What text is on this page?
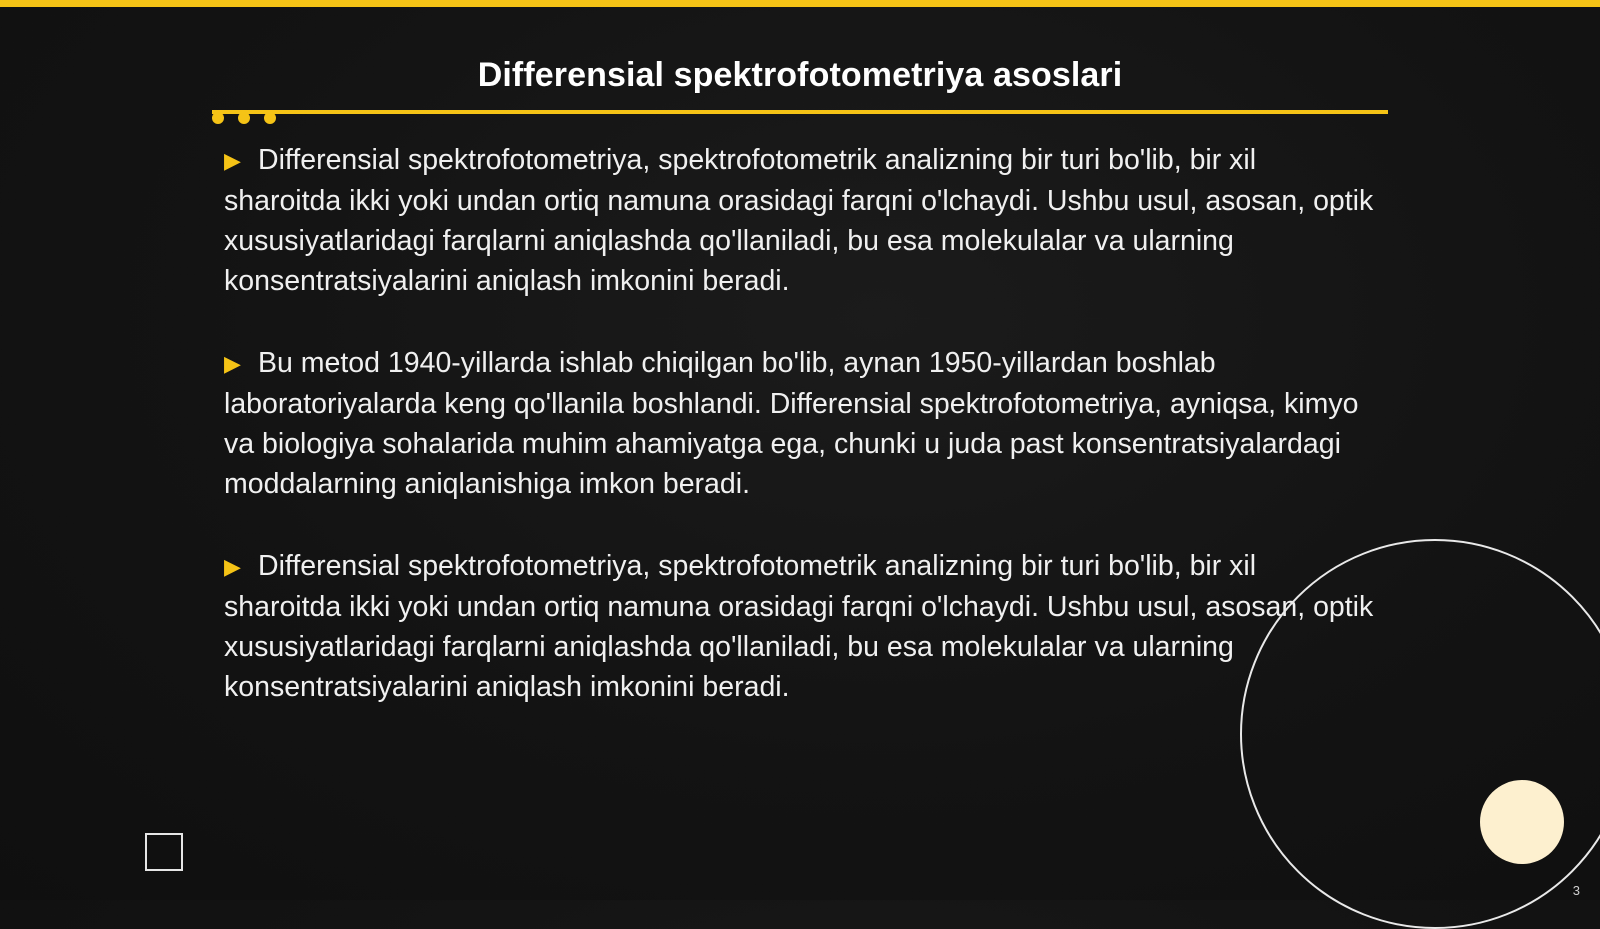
Differensial spektrofotometriya asoslari

▶ Differensial spektrofotometriya, spektrofotometrik analizning bir turi bo'lib, bir xil sharoitda ikki yoki undan ortiq namuna orasidagi farqni o'lchaydi. Ushbu usul, asosan, optik xususiyatlaridagi farqlarni aniqlashda qo'llaniladi, bu esa molekulalar va ularning konsentratsiyalarini aniqlash imkonini beradi.

▶ Bu metod 1940-yillarda ishlab chiqilgan bo'lib, aynan 1950-yillardan boshlab laboratoriyalarda keng qo'llanila boshlandi. Differensial spektrofotometriya, ayniqsa, kimyo va biologiya sohalarida muhim ahamiyatga ega, chunki u juda past konsentratsiyalardagi moddalarning aniqlanishiga imkon beradi.

▶ Differensial spektrofotometriya, spektrofotometrik analizning bir turi bo'lib, bir xil sharoitda ikki yoki undan ortiq namuna orasidagi farqni o'lchaydi. Ushbu usul, asosan, optik xususiyatlaridagi farqlarni aniqlashda qo'llaniladi, bu esa molekulalar va ularning konsentratsiyalarini aniqlash imkonini beradi.

3
